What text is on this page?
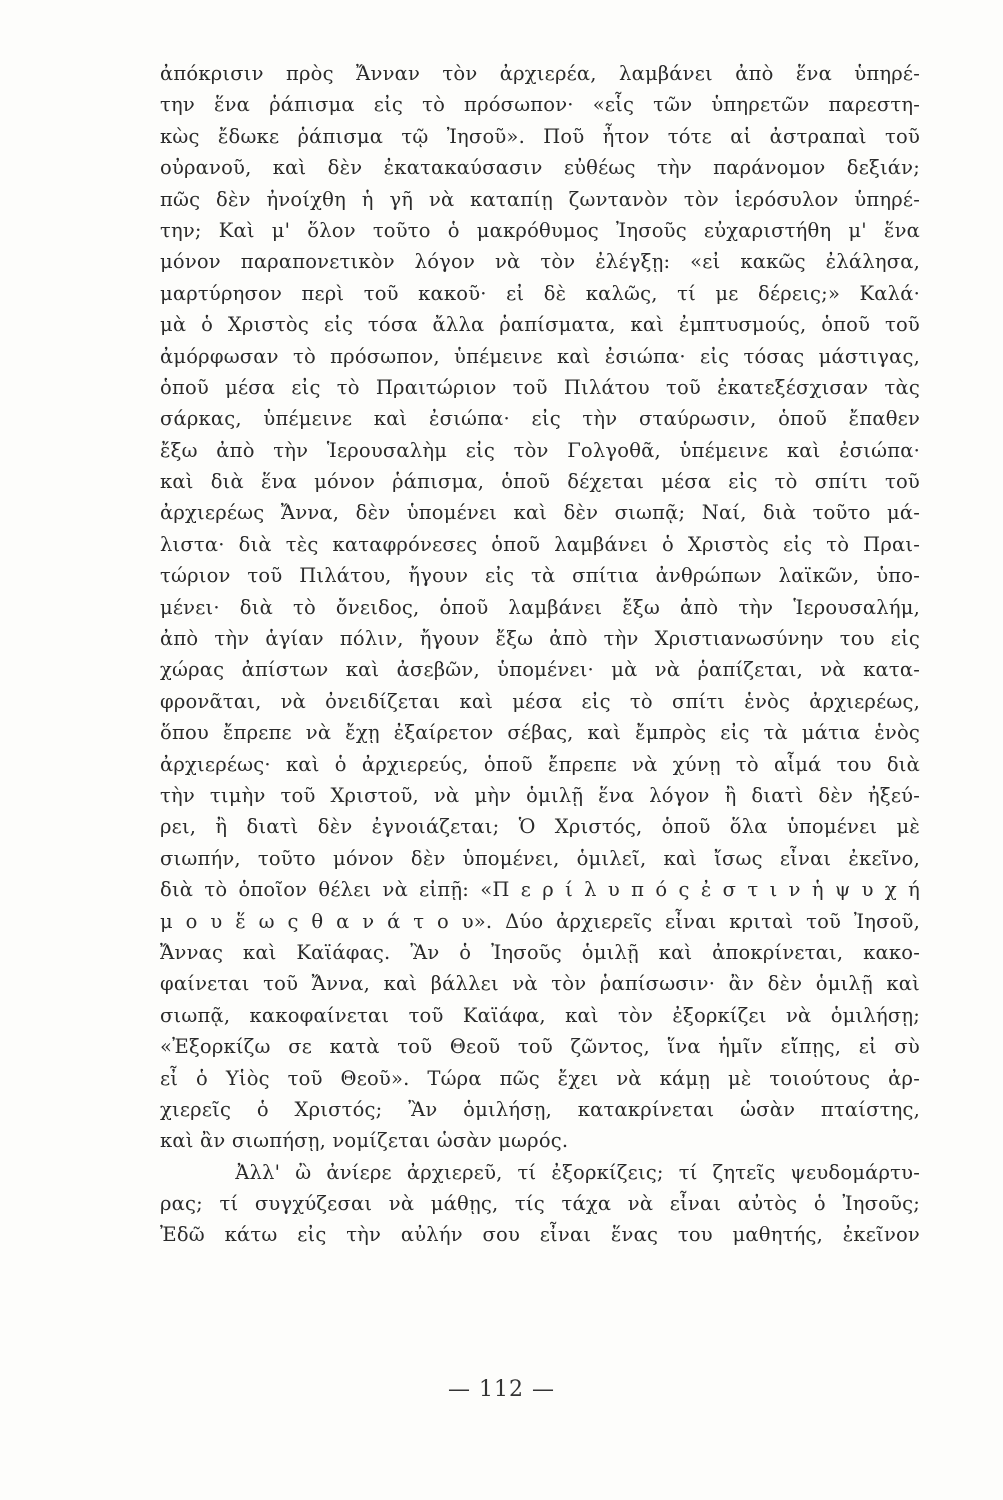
ἀπόκρισιν πρὸς Ἄνναν τὸν ἀρχιερέα, λαμβάνει ἀπὸ ἕνα ὑπηρέ-
την ἕνα ῥάπισμα εἰς τὸ πρόσωπον· «εἷς τῶν ὑπηρετῶν παρεστη-
κὼς ἔδωκε ῥάπισμα τῷ Ἰησοῦ». Ποῦ ἦτον τότε αἱ ἀστραπαὶ τοῦ
οὐρανοῦ, καὶ δὲν ἐκατακαύσασιν εὐθέως τὴν παράνομον δεξιάν;
πῶς δὲν ἠνοίχθη ἡ γῆ νὰ καταπίῃ ζωντανὸν τὸν ἱερόσυλον ὑπηρέ-
την; Καὶ μ' ὅλον τοῦτο ὁ μακρόθυμος Ἰησοῦς εὐχαριστήθη μ' ἕνα
μόνον παραπονετικὸν λόγον νὰ τὸν ἐλέγξῃ: «εἰ κακῶς ἐλάλησα,
μαρτύρησον περὶ τοῦ κακοῦ· εἰ δὲ καλῶς, τί με δέρεις;» Καλά·
μὰ ὁ Χριστὸς εἰς τόσα ἄλλα ῥαπίσματα, καὶ ἐμπτυσμούς, ὁποῦ τοῦ
ἀμόρφωσαν τὸ πρόσωπον, ὑπέμεινε καὶ ἐσιώπα· εἰς τόσας μάστιγας,
ὁποῦ μέσα εἰς τὸ Πραιτώριον τοῦ Πιλάτου τοῦ ἐκατεξέσχισαν τὰς
σάρκας, ὑπέμεινε καὶ ἐσιώπα· εἰς τὴν σταύρωσιν, ὁποῦ ἔπαθεν
ἔξω ἀπὸ τὴν Ἱερουσαλὴμ εἰς τὸν Γολγοθᾶ, ὑπέμεινε καὶ ἐσιώπα·
καὶ διὰ ἕνα μόνον ῥάπισμα, ὁποῦ δέχεται μέσα εἰς τὸ σπίτι τοῦ
ἀρχιερέως Ἄννα, δὲν ὑπομένει καὶ δὲν σιωπᾷ; Ναί, διὰ τοῦτο μά-
λιστα· διὰ τὲς καταφρόνεσες ὁποῦ λαμβάνει ὁ Χριστὸς εἰς τὸ Πραι-
τώριον τοῦ Πιλάτου, ἤγουν εἰς τὰ σπίτια ἀνθρώπων λαϊκῶν, ὑπο-
μένει· διὰ τὸ ὄνειδος, ὁποῦ λαμβάνει ἔξω ἀπὸ τὴν Ἱερουσαλήμ,
ἀπὸ τὴν ἁγίαν πόλιν, ἤγουν ἔξω ἀπὸ τὴν Χριστιανωσύνην του εἰς
χώρας ἀπίστων καὶ ἀσεβῶν, ὑπομένει· μὰ νὰ ῥαπίζεται, νὰ κατα-
φρονᾶται, νὰ ὀνειδίζεται καὶ μέσα εἰς τὸ σπίτι ἑνὸς ἀρχιερέως,
ὅπου ἔπρεπε νὰ ἔχῃ ἐξαίρετον σέβας, καὶ ἔμπρὸς εἰς τὰ μάτια ἑνὸς
ἀρχιερέως· καὶ ὁ ἀρχιερεύς, ὁποῦ ἔπρεπε νὰ χύνῃ τὸ αἷμά του διὰ
τὴν τιμὴν τοῦ Χριστοῦ, νὰ μὴν ὁμιλῇ ἕνα λόγον ἢ διατὶ δὲν ἠξεύ-
ρει, ἢ διατὶ δὲν ἐγνοιάζεται; Ὁ Χριστός, ὁποῦ ὅλα ὑπομένει μὲ
σιωπήν, τοῦτο μόνον δὲν ὑπομένει, ὁμιλεῖ, καὶ ἴσως εἶναι ἐκεῖνο,
διὰ τὸ ὁποῖον θέλει νὰ εἰπῇ: «Π ε ρ ί λ υ π ό ς ἐ σ τ ι ν ἡ ψ υ χ ή
μ ο υ ἕ ω ς θ α ν ά τ ο υ». Δύο ἀρχιερεῖς εἶναι κριταὶ τοῦ Ἰησοῦ,
Ἄννας καὶ Καϊάφας. Ἂν ὁ Ἰησοῦς ὁμιλῇ καὶ ἀποκρίνεται, κακο-
φαίνεται τοῦ Ἄννα, καὶ βάλλει νὰ τὸν ῥαπίσωσιν· ἂν δὲν ὁμιλῇ καὶ
σιωπᾷ, κακοφαίνεται τοῦ Καϊάφα, καὶ τὸν ἐξορκίζει νὰ ὁμιλήσῃ;
«Ἐξορκίζω σε κατὰ τοῦ Θεοῦ τοῦ ζῶντος, ἵνα ἡμῖν εἴπῃς, εἰ σὺ
εἶ ὁ Υἱὸς τοῦ Θεοῦ». Τώρα πῶς ἔχει νὰ κάμῃ μὲ τοιούτους ἀρ-
χιερεῖς ὁ Χριστός; Ἂν ὁμιλήσῃ, κατακρίνεται ὡσὰν πταίστης,
καὶ ἂν σιωπήσῃ, νομίζεται ὡσὰν μωρός.
Ἀλλ' ὢ ἀνίερε ἀρχιερεῦ, τί ἐξορκίζεις; τί ζητεῖς ψευδομάρτυ-
ρας; τί συγχύζεσαι νὰ μάθῃς, τίς τάχα νὰ εἶναι αὐτὸς ὁ Ἰησοῦς;
Ἐδῶ κάτω εἰς τὴν αὐλήν σου εἶναι ἕνας του μαθητής, ἐκεῖνον
— 112 —
